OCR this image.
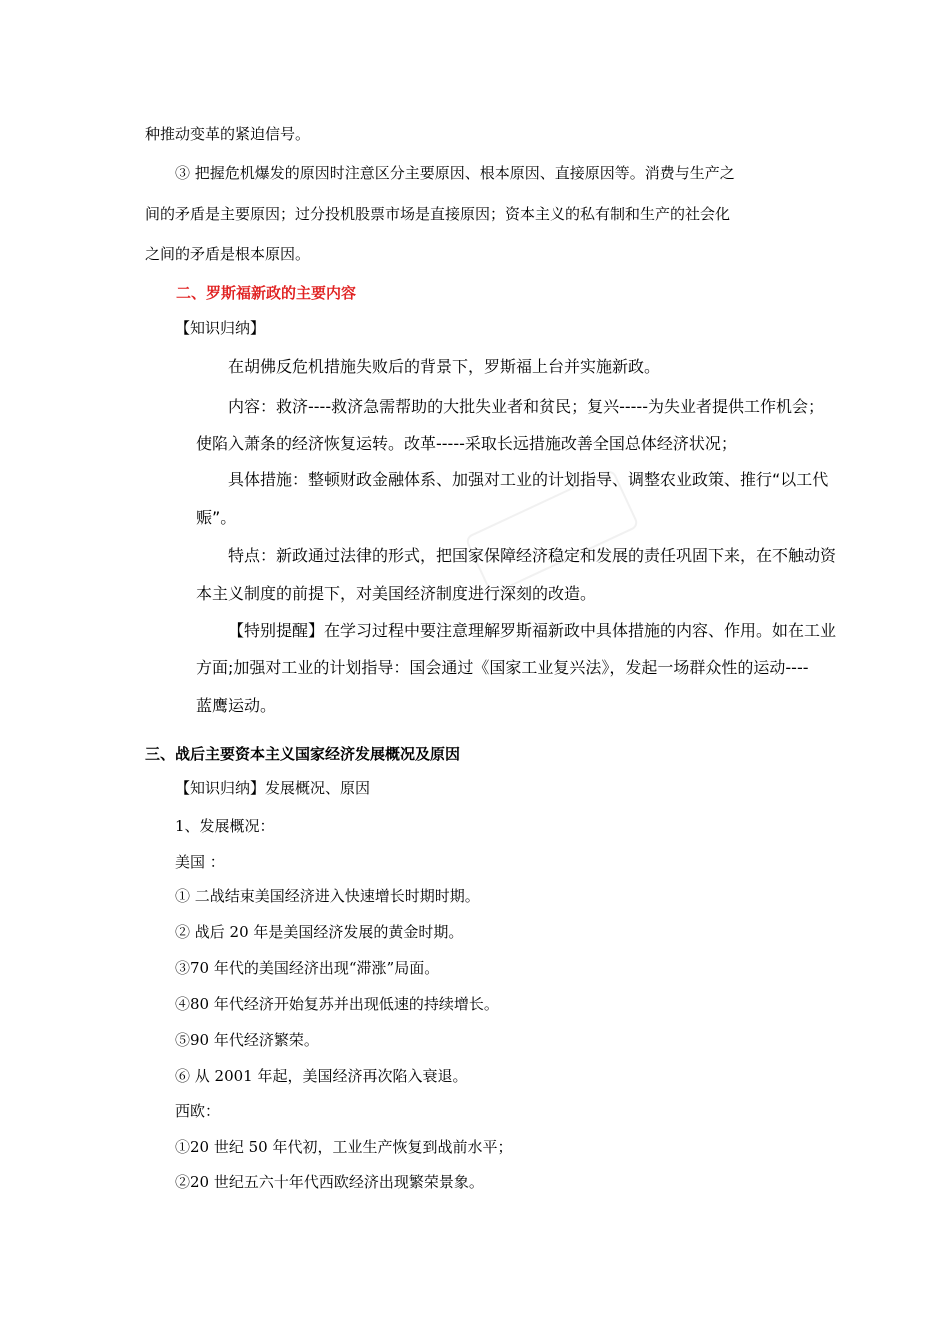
种推动变革的紧迫信号。
③ 把握危机爆发的原因时注意区分主要原因、根本原因、直接原因等。消费与生产之
间的矛盾是主要原因；过分投机股票市场是直接原因；资本主义的私有制和生产的社会化
之间的矛盾是根本原因。
二、罗斯福新政的主要内容
【知识归纳】
在胡佛反危机措施失败后的背景下，罗斯福上台并实施新政。
内容：救济----救济急需帮助的大批失业者和贫民；复兴-----为失业者提供工作机会；
使陷入萧条的经济恢复运转。改革-----采取长远措施改善全国总体经济状况；
具体措施：整顿财政金融体系、加强对工业的计划指导、调整农业政策、推行“以工代
赈”。
特点：新政通过法律的形式，把国家保障经济稳定和发展的责任巩固下来，在不触动资
本主义制度的前提下，对美国经济制度进行深刻的改造。
【特别提醒】在学习过程中要注意理解罗斯福新政中具体措施的内容、作用。如在工业
方面;加强对工业的计划指导：国会通过《国家工业复兴法》，发起一场群众性的运动----
蓝鹰运动。
三、战后主要资本主义国家经济发展概况及原因
【知识归纳】发展概况、原因
1、发展概况：
美国 ：
① 二战结束美国经济进入快速增长时期时期。
② 战后 20 年是美国经济发展的黄金时期。
③70 年代的美国经济出现“滞涨”局面。
④80 年代经济开始复苏并出现低速的持续增长。
⑤90 年代经济繁荣。
⑥ 从 2001 年起，美国经济再次陷入衰退。
西欧：
①20 世纪 50 年代初，工业生产恢复到战前水平；
②20 世纪五六十年代西欧经济出现繁荣景象。
